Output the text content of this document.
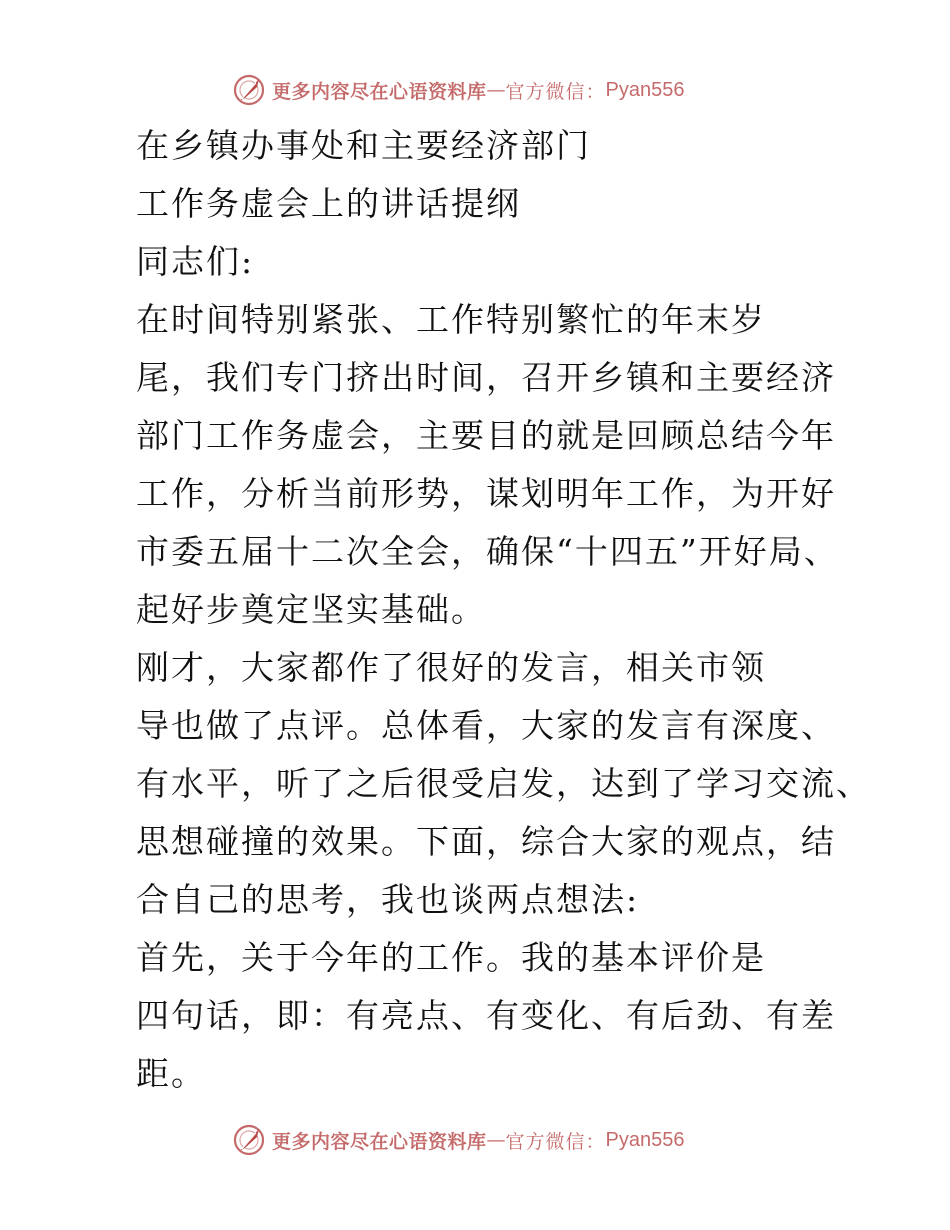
更多内容尽在心语资料库 — 官方微信： Pyan556
在乡镇办事处和主要经济部门
工作务虚会上的讲话提纲
同志们:
在时间特别紧张、工作特别繁忙的年末岁
尾，我们专门挤出时间，召开乡镇和主要经济
部门工作务虚会，主要目的就是回顾总结今年
工作，分析当前形势，谋划明年工作，为开好
市委五届十二次全会，确保“十四五”开好局、
起好步奠定坚实基础。
刚才，大家都作了很好的发言，相关市领
导也做了点评。总体看，大家的发言有深度、
有水平，听了之后很受启发，达到了学习交流、
思想碰撞的效果。下面，综合大家的观点，结
合自己的思考，我也谈两点想法:
首先，关于今年的工作。我的基本评价是
四句话，即：有亮点、有变化、有后劲、有差
距。
更多内容尽在心语资料库 — 官方微信： Pyan556
